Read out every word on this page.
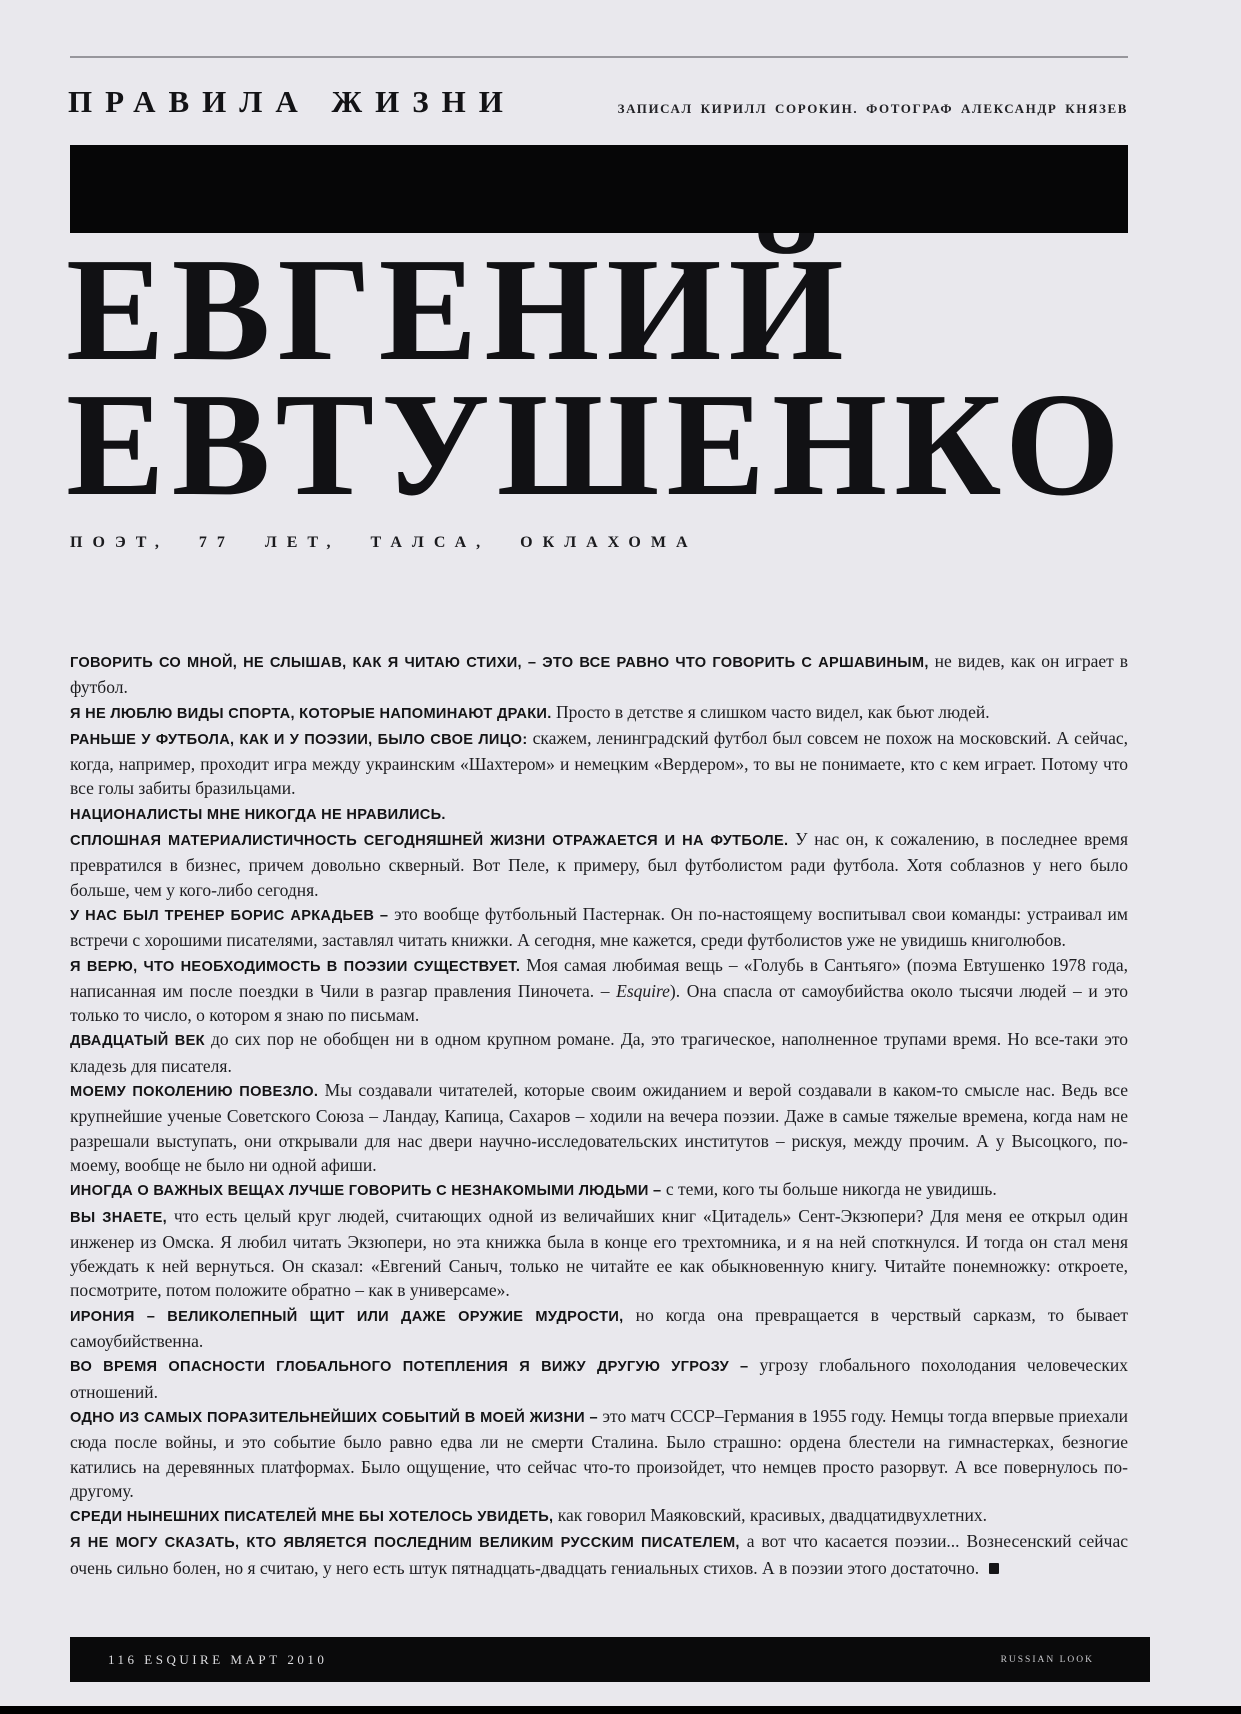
ПРАВИЛА ЖИЗНИ	ЗАПИСАЛ КИРИЛЛ СОРОКИН. ФОТОГРАФ АЛЕКСАНДР КНЯЗЕВ
ЕВГЕНИЙ
ЕВТУШЕНКО
ПОЭТ, 77 ЛЕТ, ТАЛСА, ОКЛАХОМА

ГОВОРИТЬ СО МНОЙ, НЕ СЛЫШАВ, КАК Я ЧИТАЮ СТИХИ, – ЭТО ВСЕ РАВНО ЧТО ГОВОРИТЬ С АРШАВИНЫМ, не видев, как он играет в футбол.

Я НЕ ЛЮБЛЮ ВИДЫ СПОРТА, КОТОРЫЕ НАПОМИНАЮТ ДРАКИ. Просто в детстве я слишком часто видел, как бьют людей.

РАНЬШЕ У ФУТБОЛА, КАК И У ПОЭЗИИ, БЫЛО СВОЕ ЛИЦО: скажем, ленинградский футбол был совсем не похож на московский. А сейчас, когда, например, проходит игра между украинским «Шахтером» и немецким «Вердером», то вы не понимаете, кто с кем играет. Потому что все голы забиты бразильцами.

НАЦИОНАЛИСТЫ МНЕ НИКОГДА НЕ НРАВИЛИСЬ.

СПЛОШНАЯ МАТЕРИАЛИСТИЧНОСТЬ СЕГОДНЯШНЕЙ ЖИЗНИ ОТРАЖАЕТСЯ И НА ФУТБОЛЕ. У нас он, к сожалению, в последнее время превратился в бизнес, причем довольно скверный. Вот Пеле, к примеру, был футболистом ради футбола. Хотя соблазнов у него было больше, чем у кого-либо сегодня.

У НАС БЫЛ ТРЕНЕР БОРИС АРКАДЬЕВ – это вообще футбольный Пастернак. Он по-настоящему воспитывал свои команды: устраивал им встречи с хорошими писателями, заставлял читать книжки. А сегодня, мне кажется, среди футболистов уже не увидишь книголюбов.

Я ВЕРЮ, ЧТО НЕОБХОДИМОСТЬ В ПОЭЗИИ СУЩЕСТВУЕТ. Моя самая любимая вещь – «Голубь в Сантьяго» (поэма Евтушенко 1978 года, написанная им после поездки в Чили в разгар правления Пиночета. – Esquire). Она спасла от самоубийства около тысячи людей – и это только то число, о котором я знаю по письмам.

ДВАДЦАТЫЙ ВЕК до сих пор не обобщен ни в одном крупном романе. Да, это трагическое, наполненное трупами время. Но все-таки это кладезь для писателя.

МОЕМУ ПОКОЛЕНИЮ ПОВЕЗЛО. Мы создавали читателей, которые своим ожиданием и верой создавали в каком-то смысле нас. Ведь все крупнейшие ученые Советского Союза – Ландау, Капица, Сахаров – ходили на вечера поэзии. Даже в самые тяжелые времена, когда нам не разрешали выступать, они открывали для нас двери научно-исследовательских институтов – рискуя, между прочим. А у Высоцкого, по-моему, вообще не было ни одной афиши.

ИНОГДА О ВАЖНЫХ ВЕЩАХ ЛУЧШЕ ГОВОРИТЬ С НЕЗНАКОМЫМИ ЛЮДЬМИ – с теми, кого ты больше никогда не увидишь.

ВЫ ЗНАЕТЕ, что есть целый круг людей, считающих одной из величайших книг «Цитадель» Сент-Экзюпери? Для меня ее открыл один инженер из Омска. Я любил читать Экзюпери, но эта книжка была в конце его трехтомника, и я на ней споткнулся. И тогда он стал меня убеждать к ней вернуться. Он сказал: «Евгений Саныч, только не читайте ее как обыкновенную книгу. Читайте понемножку: откроете, посмотрите, потом положите обратно – как в универсаме».

ИРОНИЯ – ВЕЛИКОЛЕПНЫЙ ЩИТ ИЛИ ДАЖЕ ОРУЖИЕ МУДРОСТИ, но когда она превращается в черствый сарказм, то бывает самоубийственна.

ВО ВРЕМЯ ОПАСНОСТИ ГЛОБАЛЬНОГО ПОТЕПЛЕНИЯ Я ВИЖУ ДРУГУЮ УГРОЗУ – угрозу глобального похолодания человеческих отношений.

ОДНО ИЗ САМЫХ ПОРАЗИТЕЛЬНЕЙШИХ СОБЫТИЙ В МОЕЙ ЖИЗНИ – это матч СССР–Германия в 1955 году. Немцы тогда впервые приехали сюда после войны, и это событие было равно едва ли не смерти Сталина. Было страшно: ордена блестели на гимнастерках, безногие катились на деревянных платформах. Было ощущение, что сейчас что-то произойдет, что немцев просто разорвут. А все повернулось по-другому.

СРЕДИ НЫНЕШНИХ ПИСАТЕЛЕЙ МНЕ БЫ ХОТЕЛОСЬ УВИДЕТЬ, как говорил Маяковский, красивых, двадцатидвухлетних.

Я НЕ МОГУ СКАЗАТЬ, КТО ЯВЛЯЕТСЯ ПОСЛЕДНИМ ВЕЛИКИМ РУССКИМ ПИСАТЕЛЕМ, а вот что касается поэзии... Вознесенский сейчас очень сильно болен, но я считаю, у него есть штук пятнадцать-двадцать гениальных стихов. А в поэзии этого достаточно.

116 ESQUIRE МАРТ 2010	RUSSIAN LOOK
